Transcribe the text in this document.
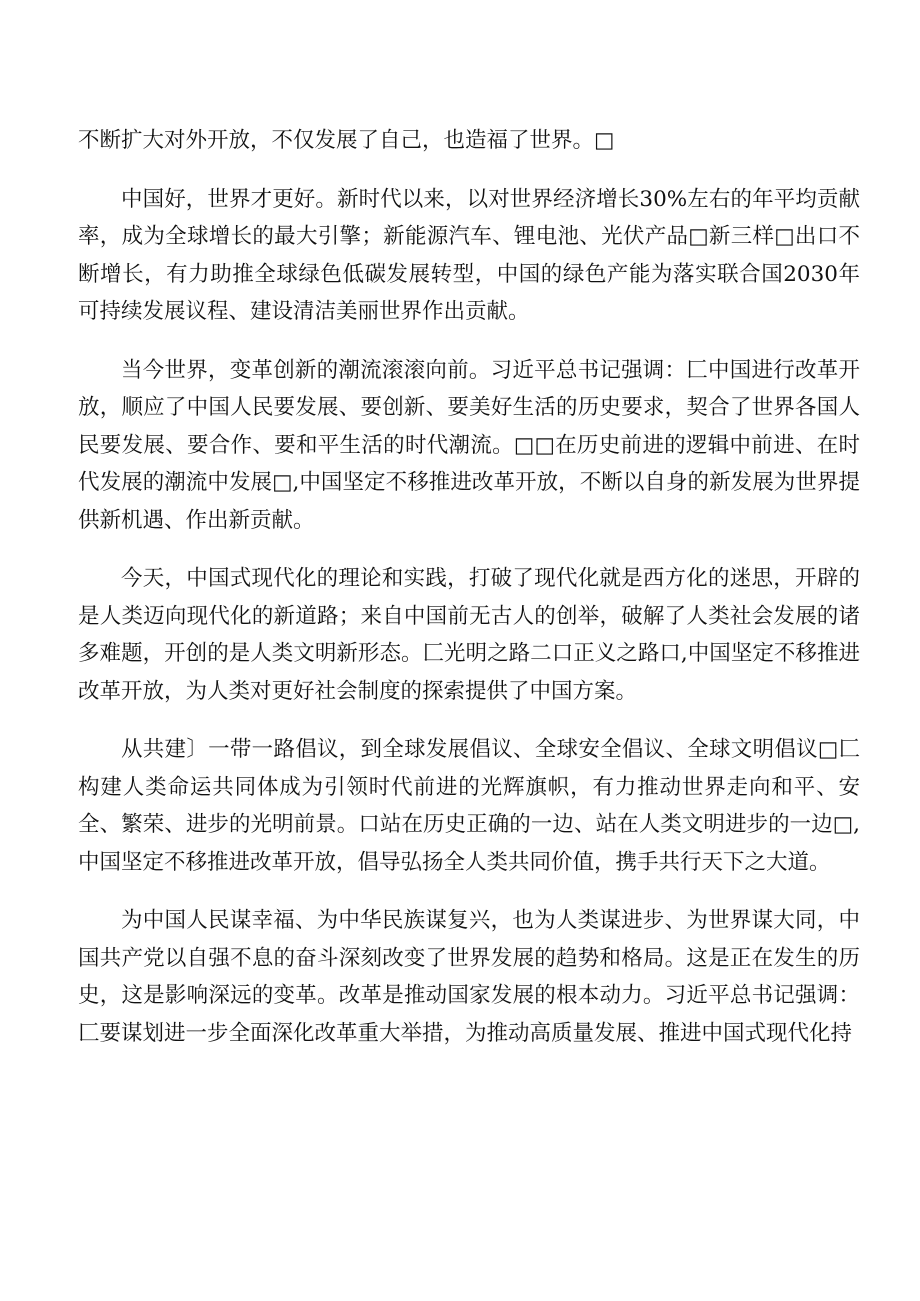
不断扩大对外开放，不仅发展了自己，也造福了世界。□

中国好，世界才更好。新时代以来，以对世界经济增长30%左右的年平均贡献率，成为全球增长的最大引擎；新能源汽车、锂电池、光伏产品□新三样□出口不断增长，有力助推全球绿色低碳发展转型，中国的绿色产能为落实联合国2030年可持续发展议程、建设清洁美丽世界作出贡献。

当今世界，变革创新的潮流滚滚向前。习近平总书记强调：匚中国进行改革开放，顺应了中国人民要发展、要创新、要美好生活的历史要求，契合了世界各国人民要发展、要合作、要和平生活的时代潮流。□□在历史前进的逻辑中前进、在时代发展的潮流中发展□,中国坚定不移推进改革开放，不断以自身的新发展为世界提供新机遇、作出新贡献。

今天，中国式现代化的理论和实践，打破了现代化就是西方化的迷思，开辟的是人类迈向现代化的新道路；来自中国前无古人的创举，破解了人类社会发展的诸多难题，开创的是人类文明新形态。匚光明之路二口正义之路口,中国坚定不移推进改革开放，为人类对更好社会制度的探索提供了中国方案。

从共建〕一带一路倡议，到全球发展倡议、全球安全倡议、全球文明倡议□匚构建人类命运共同体成为引领时代前进的光辉旗帜，有力推动世界走向和平、安全、繁荣、进步的光明前景。口站在历史正确的一边、站在人类文明进步的一边□,中国坚定不移推进改革开放，倡导弘扬全人类共同价值，携手共行天下之大道。

为中国人民谋幸福、为中华民族谋复兴，也为人类谋进步、为世界谋大同，中国共产党以自强不息的奋斗深刻改变了世界发展的趋势和格局。这是正在发生的历史，这是影响深远的变革。改革是推动国家发展的根本动力。习近平总书记强调：匚要谋划进一步全面深化改革重大举措，为推动高质量发展、推进中国式现代化持
